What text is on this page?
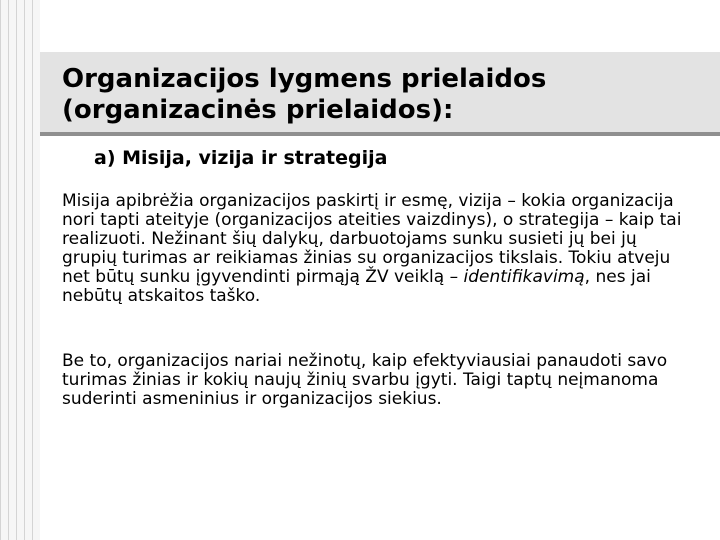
Organizacijos lygmens prielaidos
(organizacinės prielaidos):
a) Misija, vizija ir strategija

Misija apibrėžia organizacijos paskirtį ir esmę, vizija – kokia organizacija nori tapti ateityje (organizacijos ateities vaizdinys), o strategija – kaip tai realizuoti. Nežinant šių dalykų, darbuotojams sunku susieti jų bei jų grupių turimas ar reikiamas žinias su organizacijos tikslais. Tokiu atveju net būtų sunku įgyvendinti pirmąją ŽV veiklą – identifikavimą, nes jai nebūtų atskaitos taško.

Be to, organizacijos nariai nežinotų, kaip efektyviausiai panaudoti savo turimas žinias ir kokių naujų žinių svarbu įgyti. Taigi taptų neįmanoma suderinti asmeninius ir organizacijos siekius.
